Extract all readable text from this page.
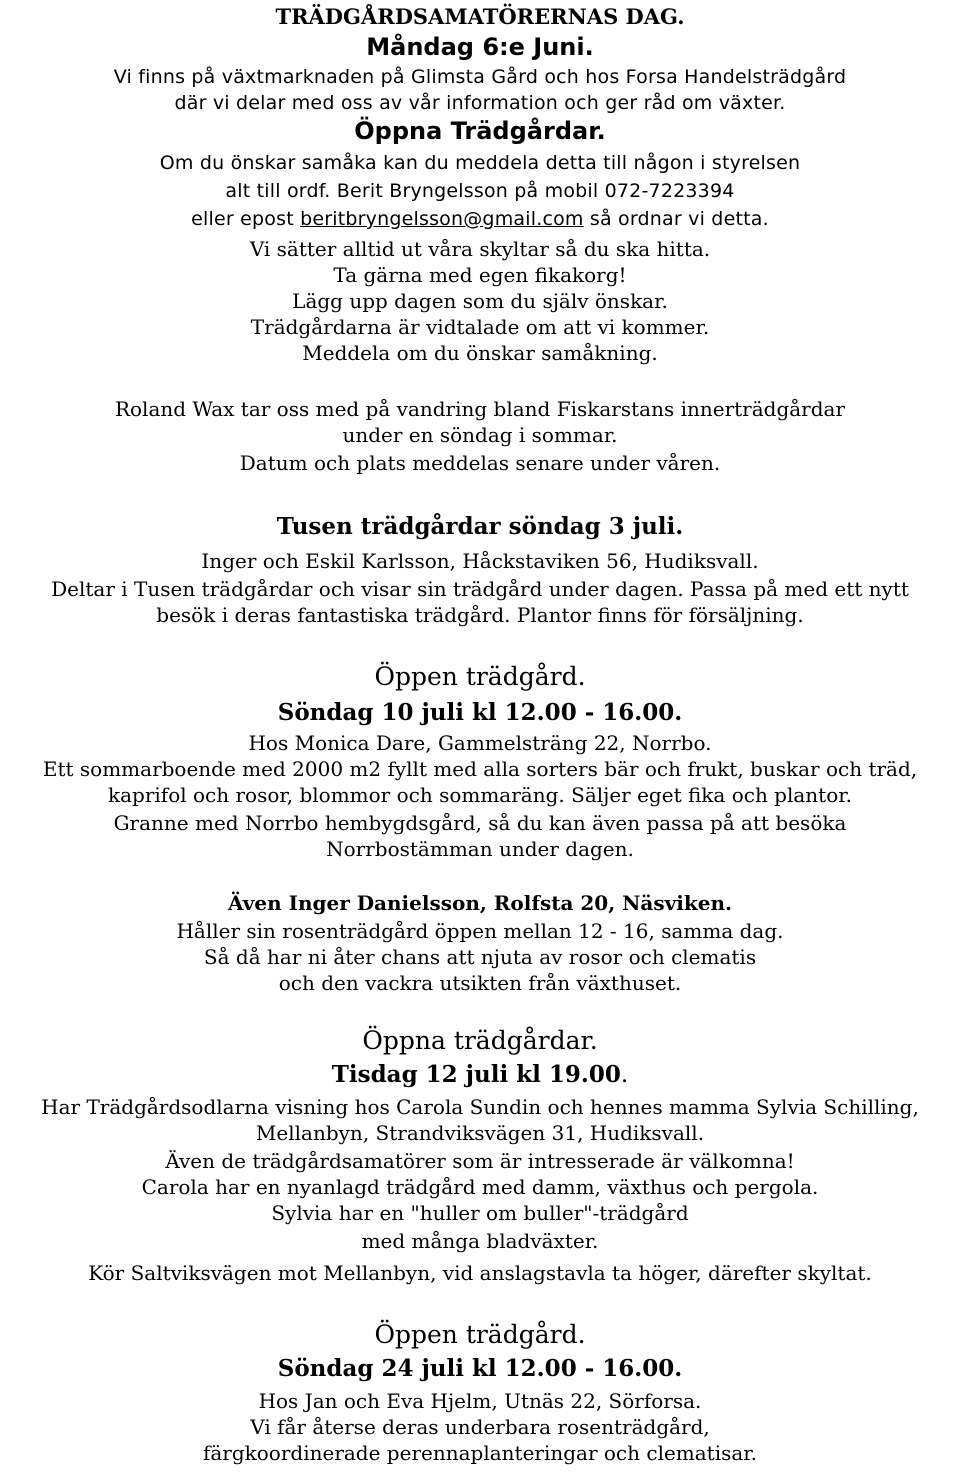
TRÄDGÅRDSAMATÖRERNAS DAG.
Måndag 6:e Juni.
Vi finns på växtmarknaden på Glimsta Gård och hos Forsa Handelsträdgård
där vi delar med oss av vår information och ger råd om växter.
Öppna Trädgårdar.
Om du önskar samåka kan du meddela detta till någon i styrelsen
alt till ordf. Berit Bryngelsson på mobil 072-7223394
eller epost beritbryngelsson@gmail.com så ordnar vi detta.
Vi sätter alltid ut våra skyltar så du ska hitta.
Ta gärna med egen fikakorg!
Lägg upp dagen som du själv önskar.
Trädgårdarna är vidtalade om att vi kommer.
Meddela om du önskar samåkning.
Roland Wax tar oss med på vandring bland Fiskarstans innerträdgårdar
under en söndag i sommar.
Datum och plats meddelas senare under våren.
Tusen trädgårdar söndag 3 juli.
Inger och Eskil Karlsson, Håckstaviken 56, Hudiksvall.
Deltar i Tusen trädgårdar och visar sin trädgård under dagen. Passa på med ett nytt
besök i deras fantastiska trädgård. Plantor finns för försäljning.
Öppen trädgård.
Söndag 10 juli kl 12.00 - 16.00.
Hos Monica Dare, Gammelsträng 22, Norrbo.
Ett sommarboende med 2000 m2 fyllt med alla sorters bär och frukt, buskar och träd,
kaprifol och rosor, blommor och sommaräng. Säljer eget fika och plantor.
Granne med Norrbo hembygdsgård, så du kan även passa på att besöka
Norrbostämman under dagen.
Även Inger Danielsson, Rolfsta 20, Näsviken.
Håller sin rosenträdgård öppen mellan 12 - 16, samma dag.
Så då har ni åter chans att njuta av rosor och clematis
och den vackra utsikten från växthuset.
Öppna trädgårdar.
Tisdag 12 juli kl 19.00.
Har Trädgårdsodlarna visning hos Carola Sundin och hennes mamma Sylvia Schilling,
Mellanbyn, Strandviksvägen 31, Hudiksvall.
Även de trädgårdsamatörer som är intresserade är välkomna!
Carola har en nyanlagd trädgård med damm, växthus och pergola.
Sylvia har en "huller om buller"-trädgård
med många bladväxter.
Kör Saltviksvägen mot Mellanbyn, vid anslagstavla ta höger, därefter skyltat.
Öppen trädgård.
Söndag 24 juli kl 12.00 - 16.00.
Hos Jan och Eva Hjelm, Utnäs 22, Sörforsa.
Vi får återse deras underbara rosenträdgård,
färgkoordinerade perennaplanteringar och clematisar.
